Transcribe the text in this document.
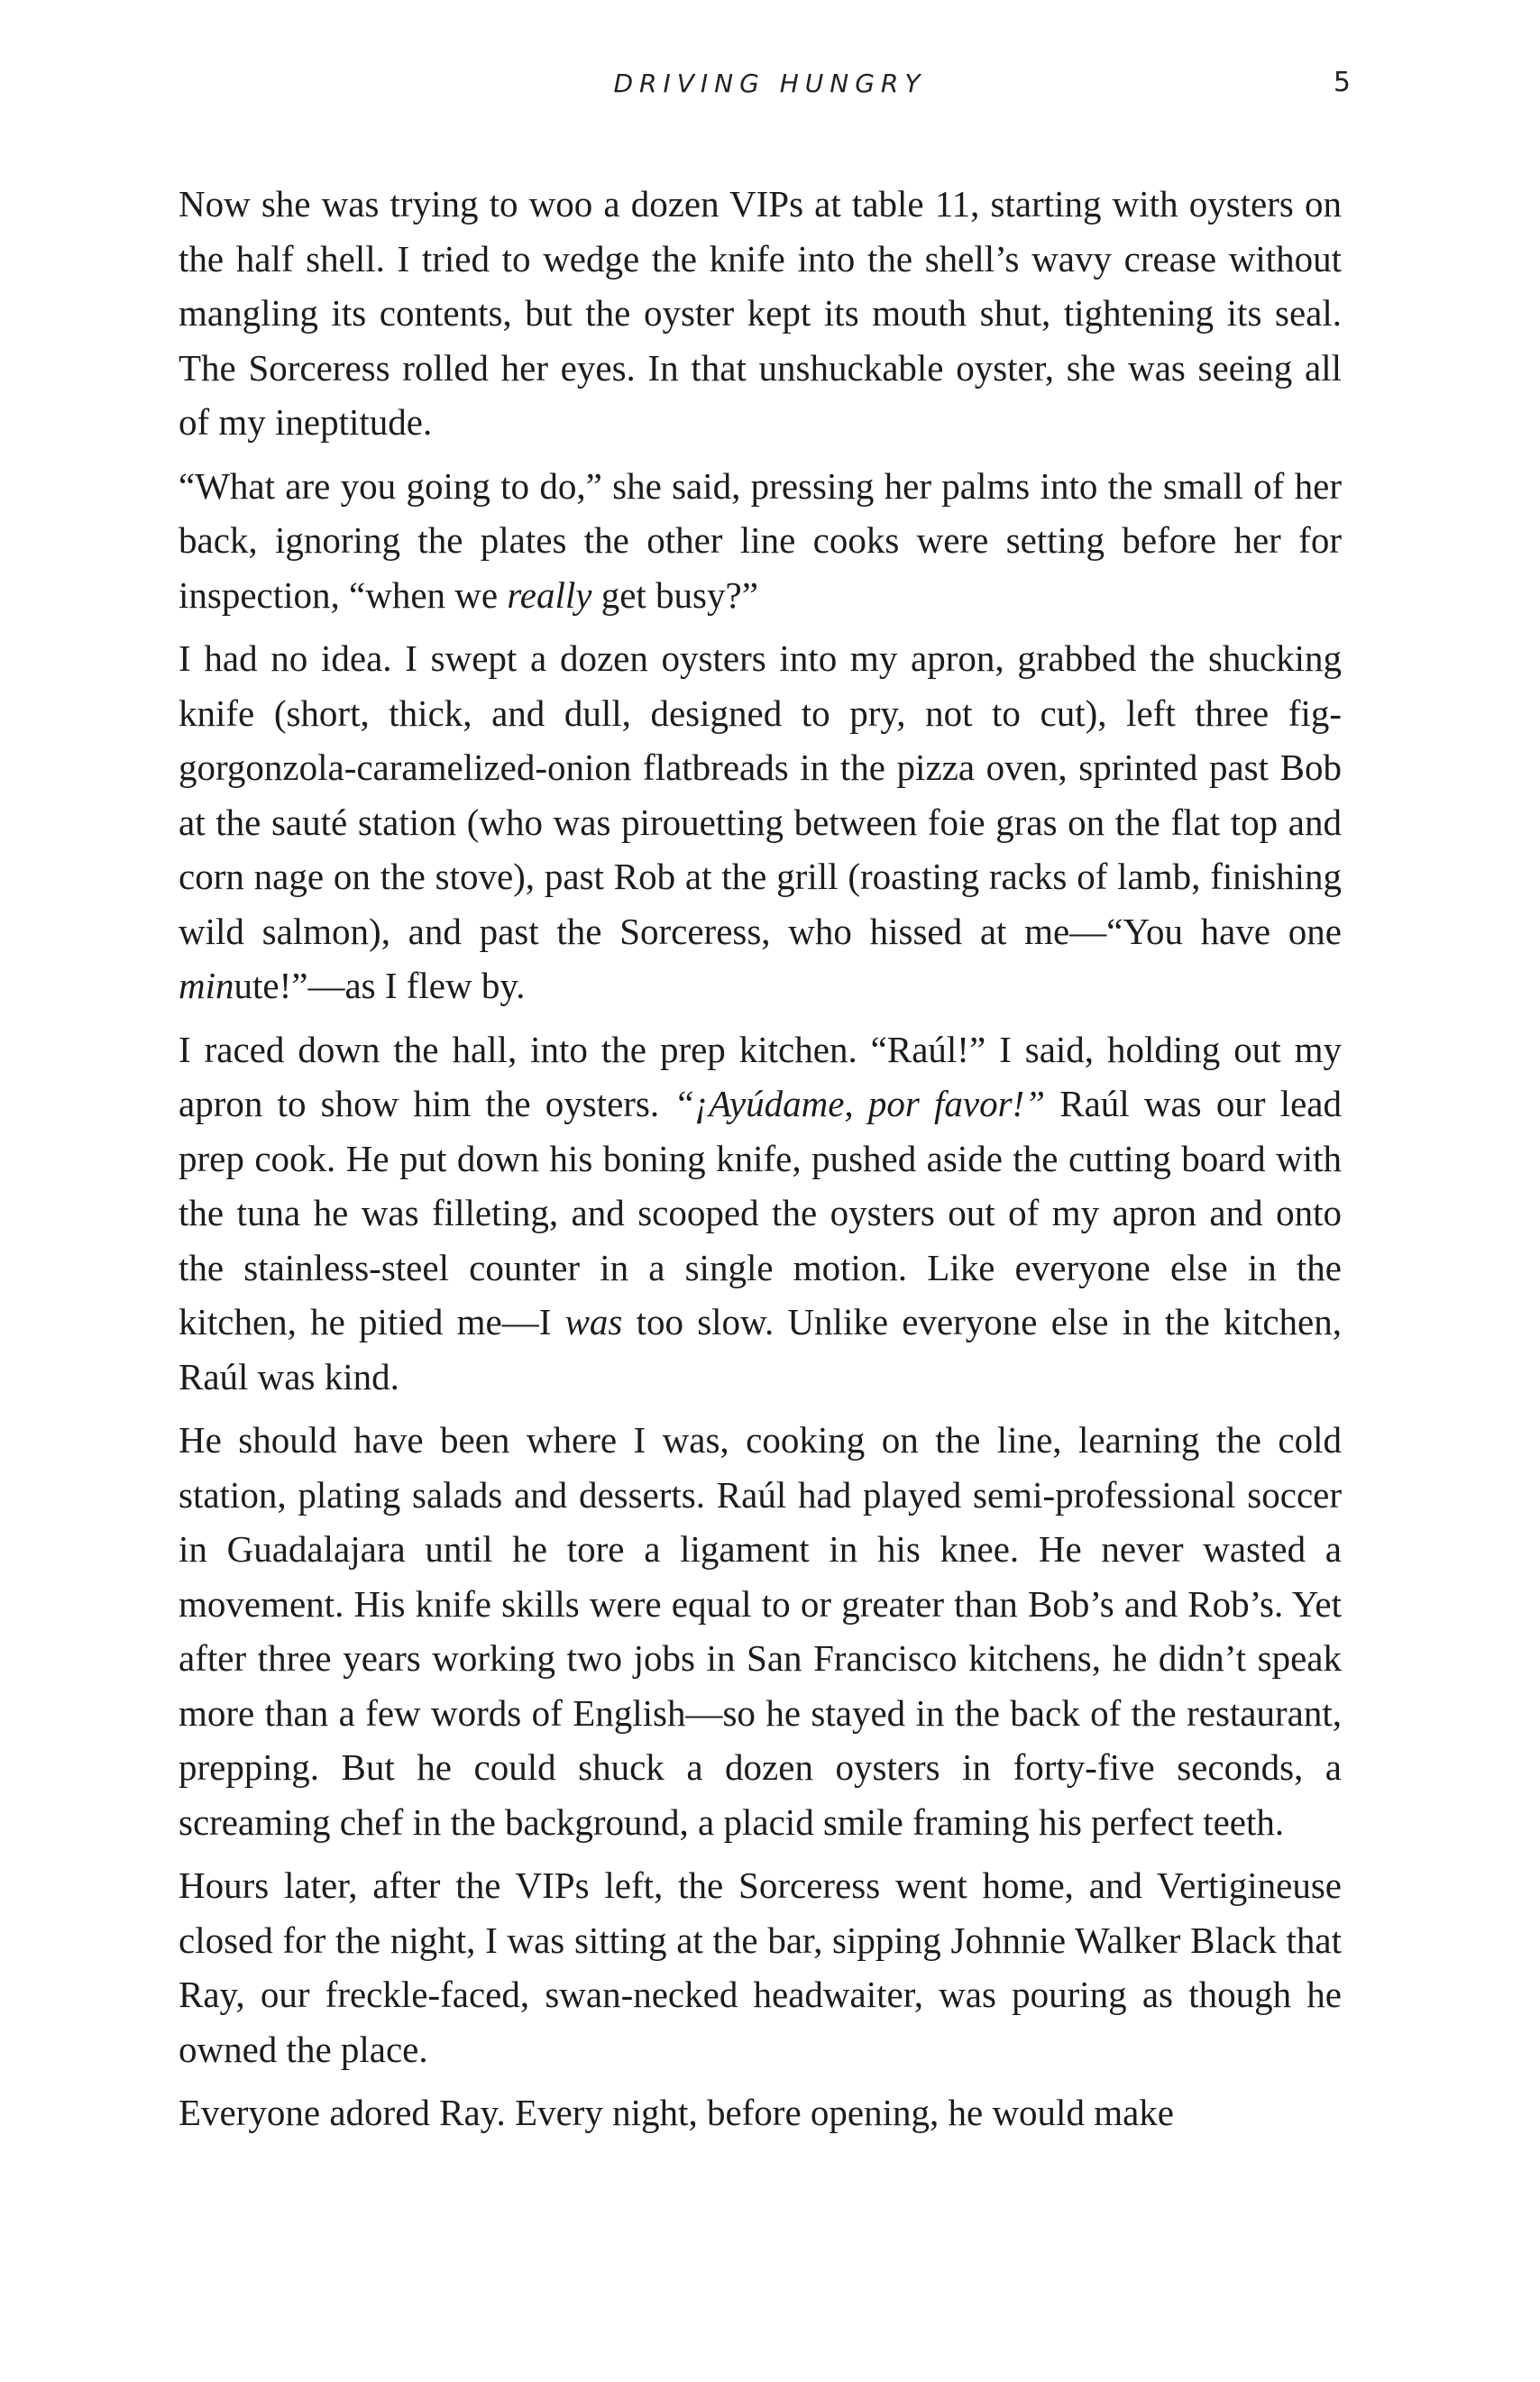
DRIVING HUNGRY	5

Now she was trying to woo a dozen VIPs at table 11, starting with oysters on the half shell. I tried to wedge the knife into the shell’s wavy crease without mangling its contents, but the oyster kept its mouth shut, tightening its seal. The Sorceress rolled her eyes. In that unshuckable oyster, she was seeing all of my ineptitude.

“What are you going to do,” she said, pressing her palms into the small of her back, ignoring the plates the other line cooks were setting before her for inspection, “when we really get busy?”

I had no idea. I swept a dozen oysters into my apron, grabbed the shucking knife (short, thick, and dull, designed to pry, not to cut), left three fig-gorgonzola-caramelized-onion flatbreads in the pizza oven, sprinted past Bob at the sauté station (who was pirouetting between foie gras on the flat top and corn nage on the stove), past Rob at the grill (roasting racks of lamb, finishing wild salmon), and past the Sorceress, who hissed at me—“You have one minute!”—as I flew by.

I raced down the hall, into the prep kitchen. “Raúl!” I said, holding out my apron to show him the oysters. “¡Ayúdame, por favor!” Raúl was our lead prep cook. He put down his boning knife, pushed aside the cutting board with the tuna he was filleting, and scooped the oysters out of my apron and onto the stainless-steel counter in a single motion. Like everyone else in the kitchen, he pitied me—I was too slow. Unlike everyone else in the kitchen, Raúl was kind.

He should have been where I was, cooking on the line, learning the cold station, plating salads and desserts. Raúl had played semi-professional soccer in Guadalajara until he tore a ligament in his knee. He never wasted a movement. His knife skills were equal to or greater than Bob’s and Rob’s. Yet after three years working two jobs in San Francisco kitchens, he didn’t speak more than a few words of English—so he stayed in the back of the restaurant, prepping. But he could shuck a dozen oysters in forty-five seconds, a screaming chef in the background, a placid smile framing his perfect teeth.

Hours later, after the VIPs left, the Sorceress went home, and Vertigineuse closed for the night, I was sitting at the bar, sipping Johnnie Walker Black that Ray, our freckle-faced, swan-necked headwaiter, was pouring as though he owned the place.

Everyone adored Ray. Every night, before opening, he would make
